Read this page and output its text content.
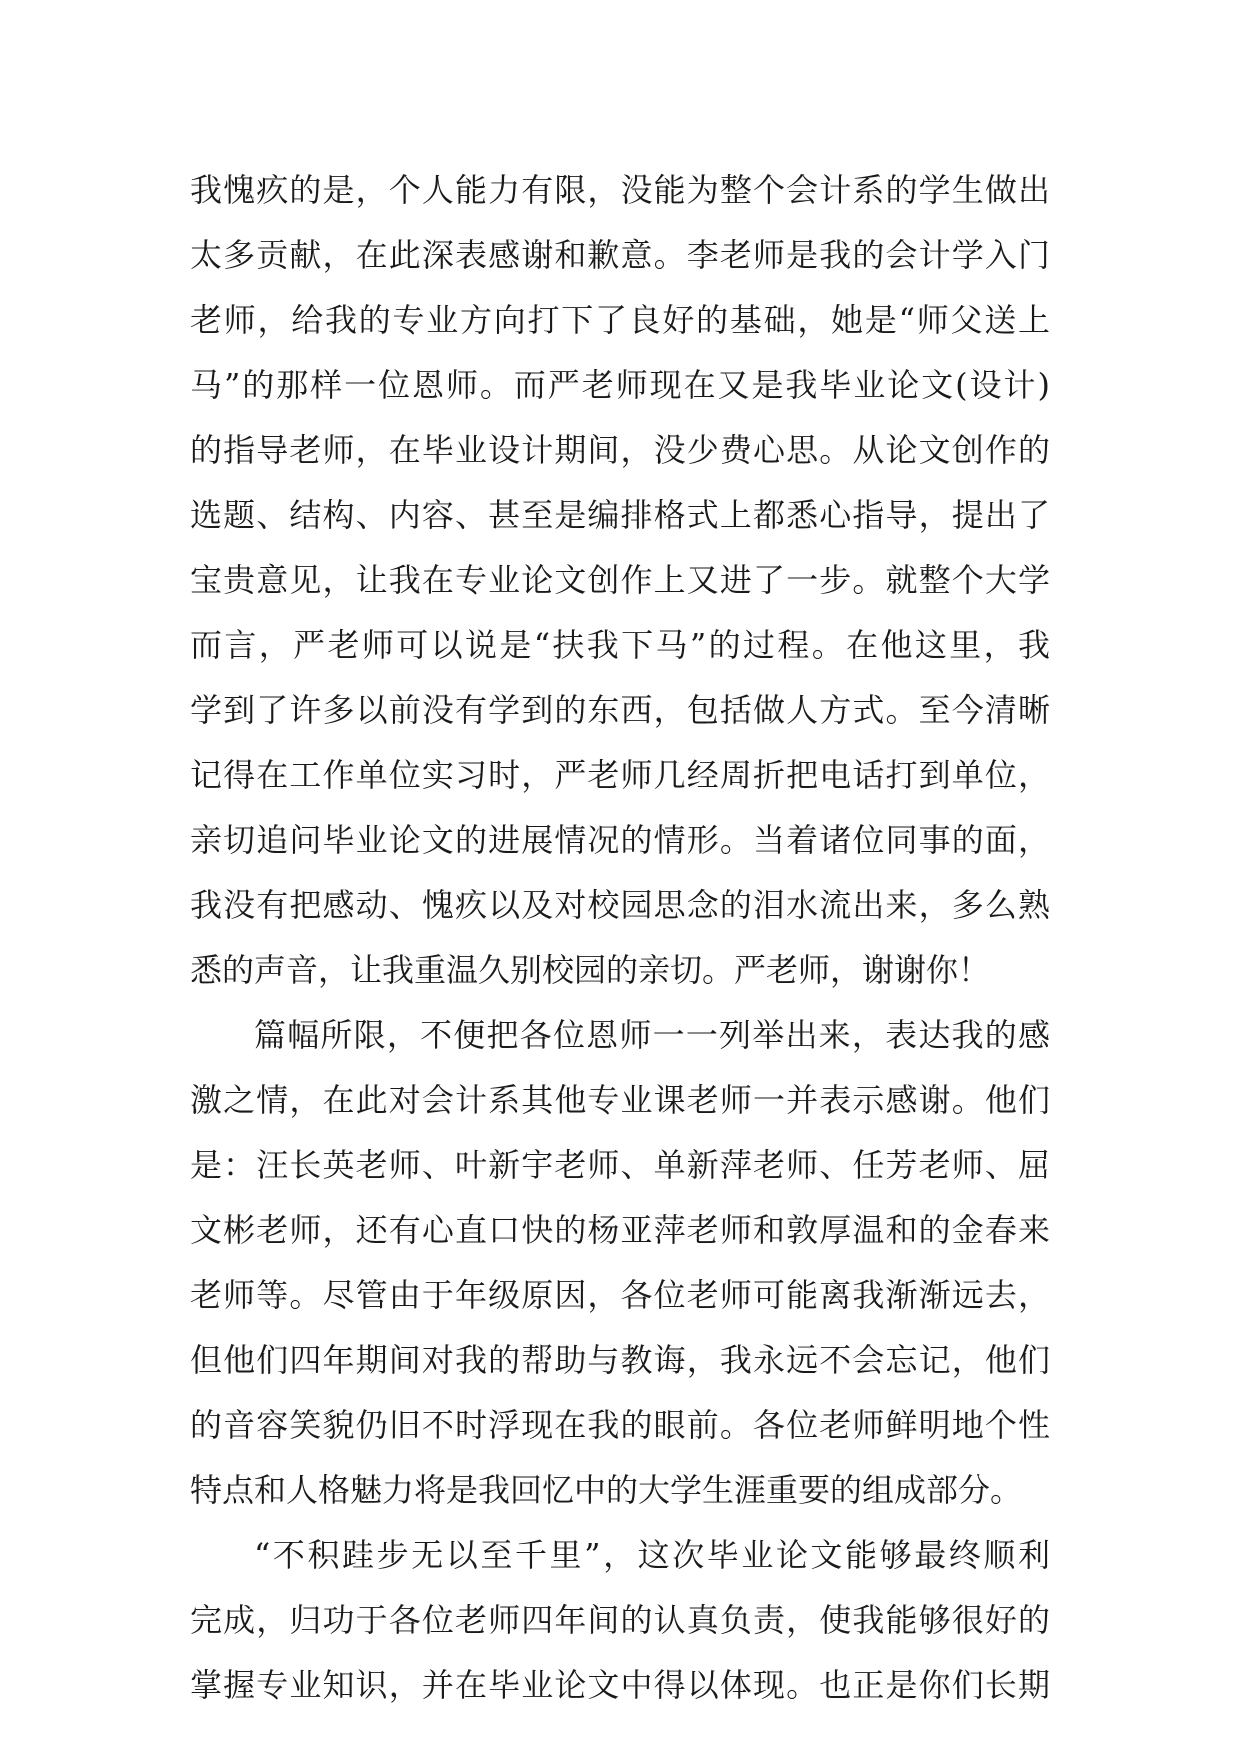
我愧疚的是，个人能力有限，没能为整个会计系的学生做出
太多贡献，在此深表感谢和歉意。李老师是我的会计学入门
老师，给我的专业方向打下了良好的基础，她是“师父送上
马”的那样一位恩师。而严老师现在又是我毕业论文(设计)
的指导老师，在毕业设计期间，没少费心思。从论文创作的
选题、结构、内容、甚至是编排格式上都悉心指导，提出了
宝贵意见，让我在专业论文创作上又进了一步。就整个大学
而言，严老师可以说是“扶我下马”的过程。在他这里，我
学到了许多以前没有学到的东西，包括做人方式。至今清晰
记得在工作单位实习时，严老师几经周折把电话打到单位，
亲切追问毕业论文的进展情况的情形。当着诸位同事的面，
我没有把感动、愧疚以及对校园思念的泪水流出来，多么熟
悉的声音，让我重温久别校园的亲切。严老师，谢谢你！
篇幅所限，不便把各位恩师一一列举出来，表达我的感
激之情，在此对会计系其他专业课老师一并表示感谢。他们
是：汪长英老师、叶新宇老师、单新萍老师、任芳老师、屈
文彬老师，还有心直口快的杨亚萍老师和敦厚温和的金春来
老师等。尽管由于年级原因，各位老师可能离我渐渐远去，
但他们四年期间对我的帮助与教诲，我永远不会忘记，他们
的音容笑貌仍旧不时浮现在我的眼前。各位老师鲜明地个性
特点和人格魅力将是我回忆中的大学生涯重要的组成部分。
“不积跬步无以至千里”，这次毕业论文能够最终顺利
完成，归功于各位老师四年间的认真负责，使我能够很好的
掌握专业知识，并在毕业论文中得以体现。也正是你们长期
